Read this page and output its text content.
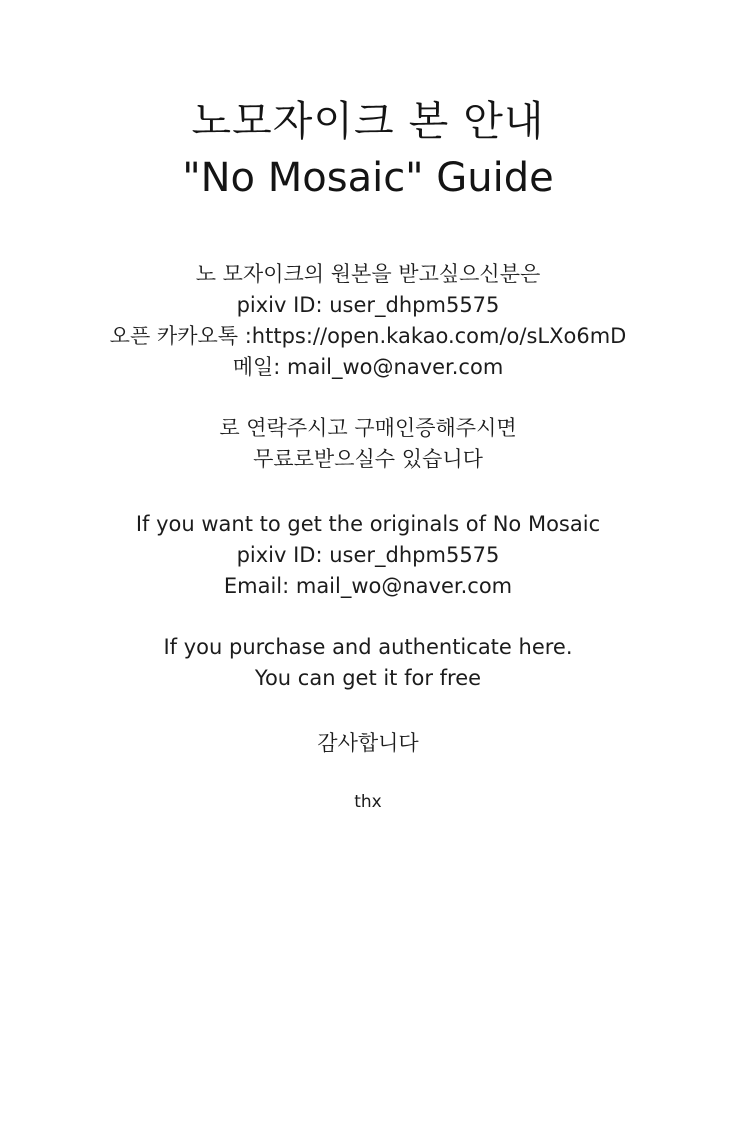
노모자이크 본 안내
"No Mosaic" Guide
노 모자이크의 원본을 받고싶으신분은
pixiv ID: user_dhpm5575
오픈 카카오톡 :https://open.kakao.com/o/sLXo6mD
메일: mail_wo@naver.com
로 연락주시고 구매인증해주시면
무료로받으실수 있습니다
If you want to get the originals of No Mosaic
pixiv ID: user_dhpm5575
Email: mail_wo@naver.com
If you purchase and authenticate here.
You can get it for free
감사합니다
thx
